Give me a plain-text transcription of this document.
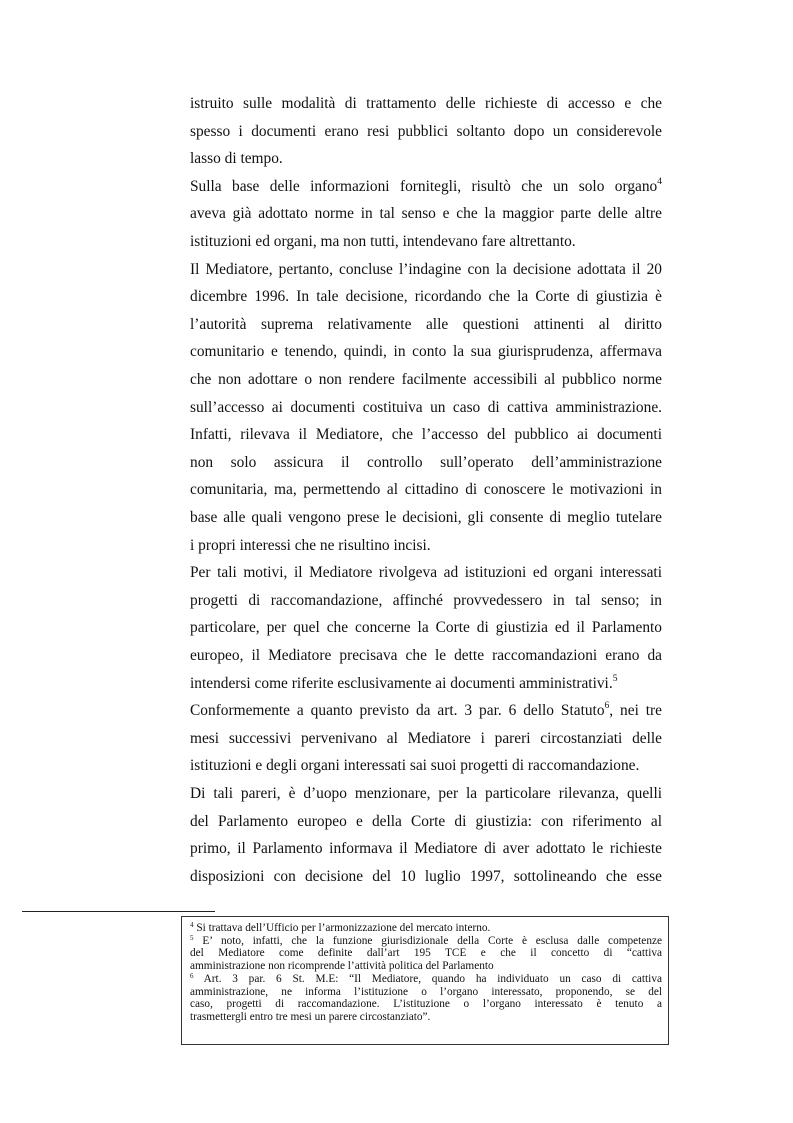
istruito sulle modalità di trattamento delle richieste di accesso e che
spesso i documenti erano resi pubblici soltanto dopo un considerevole
lasso di tempo.
Sulla base delle informazioni fornitegli, risultò che un solo organo$^4$
aveva già adottato norme in tal senso e che la maggior parte delle altre
istituzioni ed organi, ma non tutti, intendevano fare altrettanto.
Il Mediatore, pertanto, concluse l’indagine con la decisione adottata il 20
dicembre 1996. In tale decisione, ricordando che la Corte di giustizia è
l’autorità suprema relativamente alle questioni attinenti al diritto
comunitario e tenendo, quindi, in conto la sua giurisprudenza, affermava
che non adottare o non rendere facilmente accessibili al pubblico norme
sull’accesso ai documenti costituiva un caso di cattiva amministrazione.
Infatti, rilevava il Mediatore, che l’accesso del pubblico ai documenti
non solo assicura il controllo sull’operato dell’amministrazione
comunitaria, ma, permettendo al cittadino di conoscere le motivazioni in
base alle quali vengono prese le decisioni, gli consente di meglio tutelare
i propri interessi che ne risultino incisi.
Per tali motivi, il Mediatore rivolgeva ad istituzioni ed organi interessati
progetti di raccomandazione, affinché provvedessero in tal senso; in
particolare, per quel che concerne la Corte di giustizia ed il Parlamento
europeo, il Mediatore precisava che le dette raccomandazioni erano da
intendersi come riferite esclusivamente ai documenti amministrativi.$^5$
Conformemente a quanto previsto da art. 3 par. 6 dello Statuto$^6$, nei tre
mesi successivi pervenivano al Mediatore i pareri circostanziati delle
istituzioni e degli organi interessati sai suoi progetti di raccomandazione.
Di tali pareri, è d’uopo menzionare, per la particolare rilevanza, quelli
del Parlamento europeo e della Corte di giustizia: con riferimento al
primo, il Parlamento informava il Mediatore di aver adottato le richieste
disposizioni con decisione del 10 luglio 1997, sottolineando che esse
$^4$ Si trattava dell’Ufficio per l’armonizzazione del mercato interno.
$^5$ E’ noto, infatti, che la funzione giurisdizionale della Corte è esclusa dalle competenze
del Mediatore come definite dall’art 195 TCE e che il concetto di “cattiva
amministrazione non ricomprende l’attività politica del Parlamento
$^6$ Art. 3 par. 6 St. M.E: “Il Mediatore, quando ha individuato un caso di cattiva
amministrazione, ne informa l’istituzione o l’organo interessato, proponendo, se del
caso, progetti di raccomandazione. L’istituzione o l’organo interessato è tenuto a
trasmettergli entro tre mesi un parere circostanziato”.
